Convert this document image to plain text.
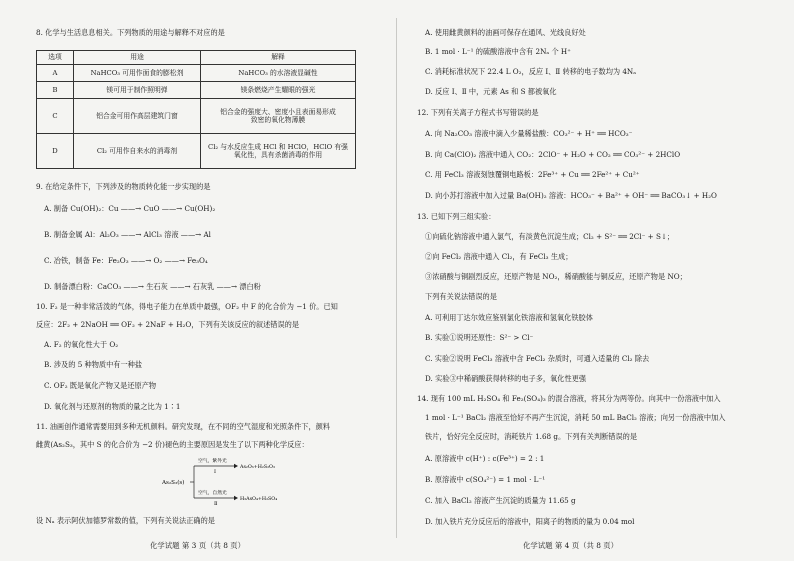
8. 化学与生活息息相关。下列物质的用途与解释不对应的是
选项	用途	解释
A	NaHCO₃ 可用作面食的膨松剂	NaHCO₃ 的水溶液显碱性
B	镁可用于制作照明弹	镁条燃烧产生耀眼的强光
C	铝合金可用作高层建筑门窗	铝合金的强度大、密度小且表面易形成
致密的氧化物薄膜

D	Cl₂ 可用作自来水的消毒剂	Cl₂ 与水反应生成 HCl 和 HClO，HClO 有强
氧化性，具有杀菌消毒的作用
9. 在给定条件下，下列涉及的物质转化能一步实现的是
A. 制备 Cu(OH)₂：Cu ——→ CuO ——→ Cu(OH)₂
B. 制备金属 Al：Al₂O₃ ——→ AlCl₃ 溶液 ——→ Al
C. 冶铁，制备 Fe：Fe₂O₃ ——→ O₂ ——→ Fe₃O₄
D. 制备漂白粉：CaCO₃ ——→ 生石灰 ——→ 石灰乳 ——→ 漂白粉
10. F₂ 是一种非常活泼的气体，得电子能力在单质中最强，OF₂ 中 F 的化合价为 −1 价。已知
反应：2F₂ + 2NaOH ══ OF₂ + 2NaF + H₂O，下列有关该反应的叙述错误的是
A. F₂ 的氧化性大于 O₂
B. 涉及的 5 种物质中有一种盐
C. OF₂ 既是氧化产物又是还原产物
D. 氧化剂与还原剂的物质的量之比为 1∶1
11. 油画创作通常需要用到多种无机颜料。研究发现，在不同的空气湿度和光照条件下，颜料
雌黄(As₂S₃，其中 S 的化合价为 −2 价)褪色的主要原因是发生了以下两种化学反应：
As₂S₃(s)
空气，紫外光
Ⅰ
As₂O₃+H₂S₂O₃
空气，自然光
Ⅱ
H₃AsO₄+H₂SO₄
设 Nₐ 表示阿伏加德罗常数的值，下列有关说法正确的是
化学试题 第 3 页（共 8 页）
A. 使用雌黄颜料的油画可保存在通风、光线良好处
B. 1 mol · L⁻¹ 的硫酸溶液中含有 2Nₐ 个 H⁺
C. 消耗标准状况下 22.4 L O₂，反应 Ⅰ、Ⅱ 转移的电子数均为 4Nₐ
D. 反应 Ⅰ、Ⅱ 中，元素 As 和 S 都被氧化
12. 下列有关离子方程式书写错误的是
A. 向 Na₂CO₃ 溶液中滴入少量稀盐酸：CO₃²⁻ + H⁺ ══ HCO₃⁻
B. 向 Ca(ClO)₂ 溶液中通入 CO₂：2ClO⁻ + H₂O + CO₂ ══ CO₃²⁻ + 2HClO
C. 用 FeCl₃ 溶液刻蚀覆铜电路板：2Fe³⁺ + Cu ══ 2Fe²⁺ + Cu²⁺
D. 向小苏打溶液中加入过量 Ba(OH)₂ 溶液：HCO₃⁻ + Ba²⁺ + OH⁻ ══ BaCO₃↓ + H₂O
13. 已知下列三组实验：
①向硫化钠溶液中通入氯气，有淡黄色沉淀生成；Cl₂ + S²⁻ ══ 2Cl⁻ + S↓；
②向 FeCl₂ 溶液中通入 Cl₂，有 FeCl₃ 生成；
③浓硝酸与铜剧烈反应，还原产物是 NO₂，稀硝酸能与铜反应，还原产物是 NO；
下列有关说法错误的是
A. 可利用丁达尔效应鉴别氯化铁溶液和氢氧化铁胶体
B. 实验①说明还原性：S²⁻ > Cl⁻
C. 实验②说明 FeCl₃ 溶液中含 FeCl₂ 杂质时，可通入适量的 Cl₂ 除去
D. 实验③中稀硝酸获得转移的电子多，氧化性更强
14. 现有 100 mL H₂SO₄ 和 Fe₂(SO₄)₃ 的混合溶液，将其分为两等份。向其中一份溶液中加入
1 mol · L⁻¹ BaCl₂ 溶液至恰好不再产生沉淀，消耗 50 mL BaCl₂ 溶液；向另一份溶液中加入
铁片，恰好完全反应时，消耗铁片 1.68 g。下列有关判断错误的是
A. 原溶液中 c(H⁺) : c(Fe³⁺) = 2 : 1
B. 原溶液中 c(SO₄²⁻) = 1 mol · L⁻¹
C. 加入 BaCl₂ 溶液产生沉淀的质量为 11.65 g
D. 加入铁片充分反应后的溶液中，阳离子的物质的量为 0.04 mol
化学试题 第 4 页（共 8 页）
